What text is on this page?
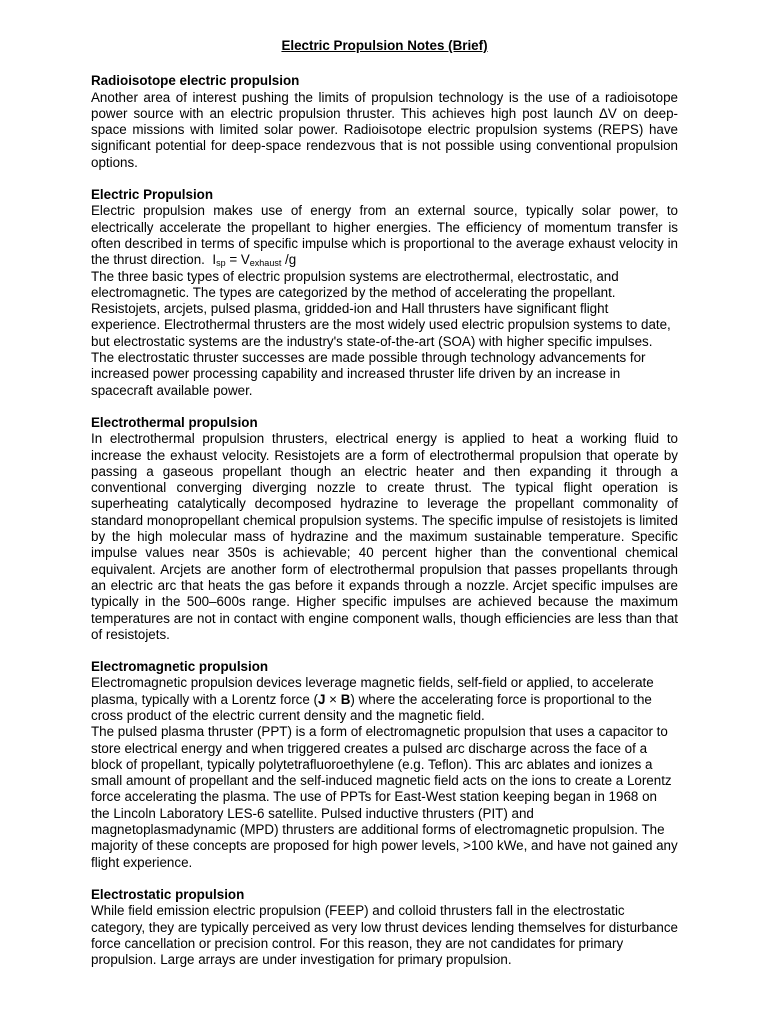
Electric Propulsion Notes (Brief)
Radioisotope electric propulsion
Another area of interest pushing the limits of propulsion technology is the use of a radioisotope power source with an electric propulsion thruster. This achieves high post launch ΔV on deep-space missions with limited solar power. Radioisotope electric propulsion systems (REPS) have significant potential for deep-space rendezvous that is not possible using conventional propulsion options.
Electric Propulsion
Electric propulsion makes use of energy from an external source, typically solar power, to electrically accelerate the propellant to higher energies. The efficiency of momentum transfer is often described in terms of specific impulse which is proportional to the average exhaust velocity in the thrust direction. $I_{sp} = V_{exhaust}$ /g
The three basic types of electric propulsion systems are electrothermal, electrostatic, and electromagnetic. The types are categorized by the method of accelerating the propellant. Resistojets, arcjets, pulsed plasma, gridded-ion and Hall thrusters have significant flight experience. Electrothermal thrusters are the most widely used electric propulsion systems to date, but electrostatic systems are the industry's state-of-the-art (SOA) with higher specific impulses. The electrostatic thruster successes are made possible through technology advancements for increased power processing capability and increased thruster life driven by an increase in spacecraft available power.
Electrothermal propulsion
In electrothermal propulsion thrusters, electrical energy is applied to heat a working fluid to increase the exhaust velocity. Resistojets are a form of electrothermal propulsion that operate by passing a gaseous propellant though an electric heater and then expanding it through a conventional converging diverging nozzle to create thrust. The typical flight operation is superheating catalytically decomposed hydrazine to leverage the propellant commonality of standard monopropellant chemical propulsion systems. The specific impulse of resistojets is limited by the high molecular mass of hydrazine and the maximum sustainable temperature. Specific impulse values near 350s is achievable; 40 percent higher than the conventional chemical equivalent. Arcjets are another form of electrothermal propulsion that passes propellants through an electric arc that heats the gas before it expands through a nozzle. Arcjet specific impulses are typically in the 500–600s range. Higher specific impulses are achieved because the maximum temperatures are not in contact with engine component walls, though efficiencies are less than that of resistojets.
Electromagnetic propulsion
Electromagnetic propulsion devices leverage magnetic fields, self-field or applied, to accelerate plasma, typically with a Lorentz force (J × B) where the accelerating force is proportional to the cross product of the electric current density and the magnetic field.
The pulsed plasma thruster (PPT) is a form of electromagnetic propulsion that uses a capacitor to store electrical energy and when triggered creates a pulsed arc discharge across the face of a block of propellant, typically polytetrafluoroethylene (e.g. Teflon). This arc ablates and ionizes a small amount of propellant and the self-induced magnetic field acts on the ions to create a Lorentz force accelerating the plasma. The use of PPTs for East-West station keeping began in 1968 on the Lincoln Laboratory LES-6 satellite. Pulsed inductive thrusters (PIT) and magnetoplasmadynamic (MPD) thrusters are additional forms of electromagnetic propulsion. The majority of these concepts are proposed for high power levels, >100 kWe, and have not gained any flight experience.
Electrostatic propulsion
While field emission electric propulsion (FEEP) and colloid thrusters fall in the electrostatic category, they are typically perceived as very low thrust devices lending themselves for disturbance force cancellation or precision control. For this reason, they are not candidates for primary propulsion. Large arrays are under investigation for primary propulsion.
